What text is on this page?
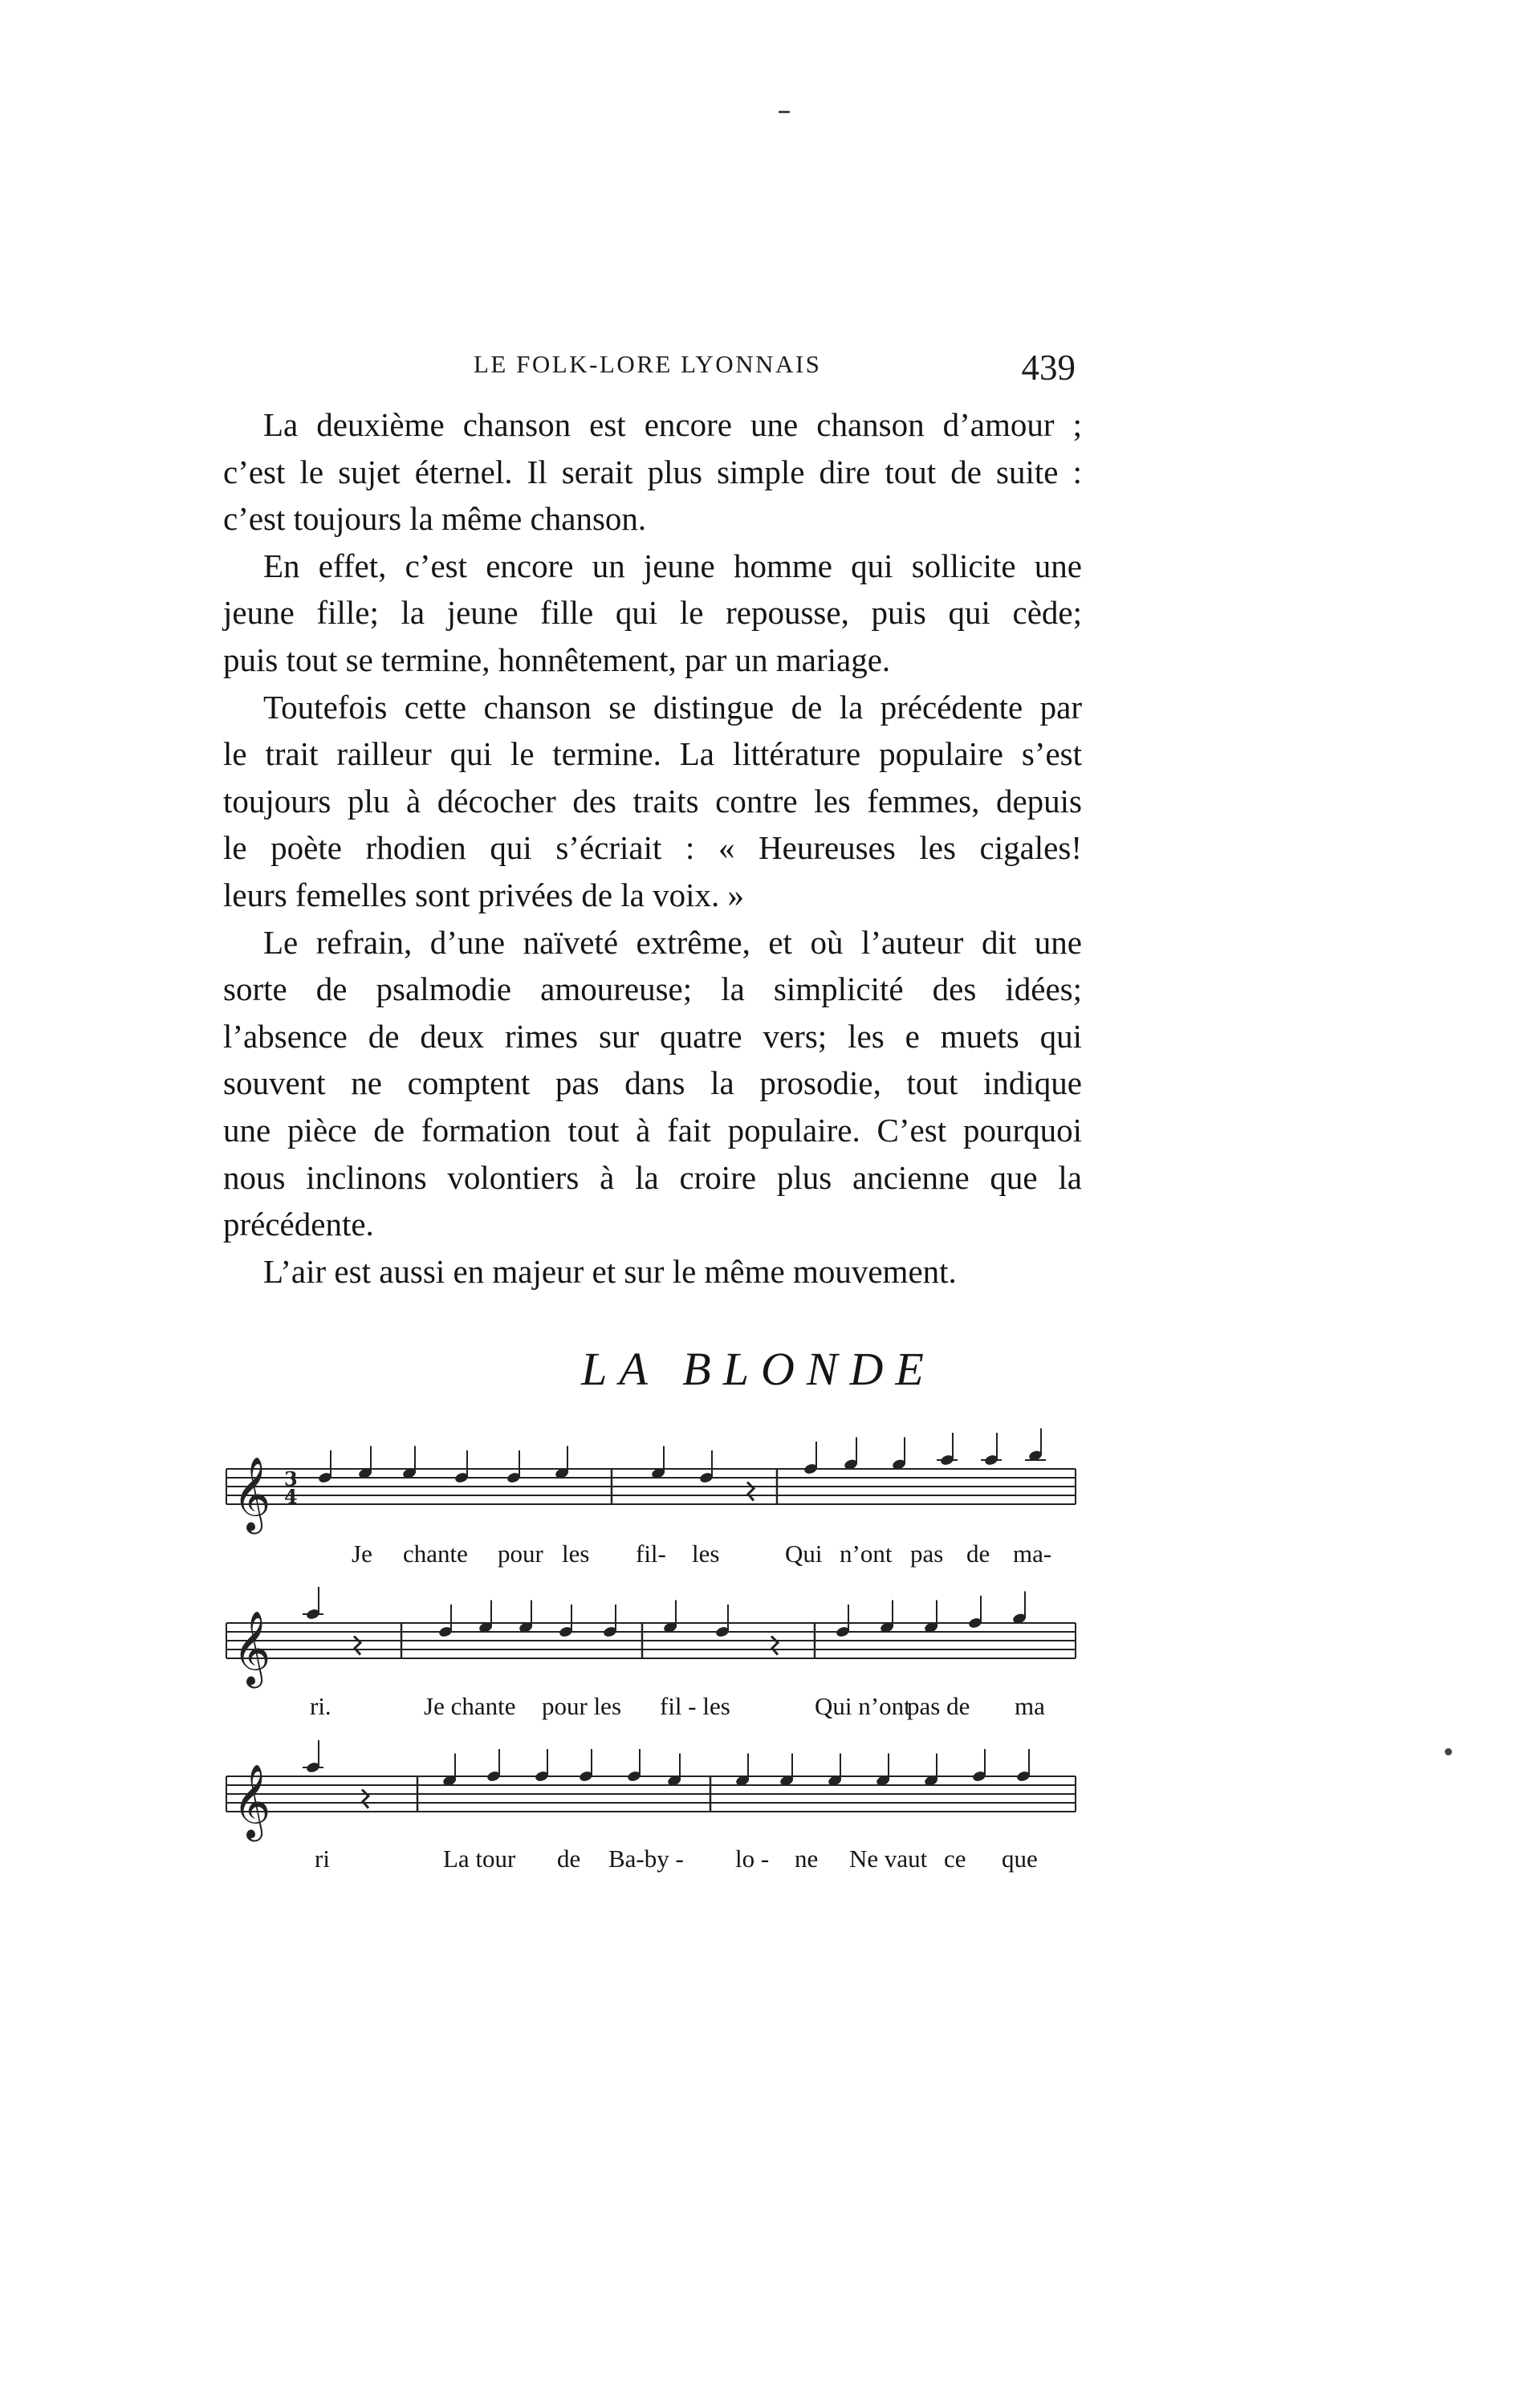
LE FOLK-LORE LYONNAIS	439
La deuxième chanson est encore une chanson d’amour ;
c’est le sujet éternel. Il serait plus simple dire tout de suite :
c’est toujours la même chanson.
En effet, c’est encore un jeune homme qui sollicite une
jeune fille; la jeune fille qui le repousse, puis qui cède;
puis tout se termine, honnêtement, par un mariage.
Toutefois cette chanson se distingue de la précédente par
le trait railleur qui le termine. La littérature populaire s’est
toujours plu à décocher des traits contre les femmes, depuis
le poète rhodien qui s’écriait : « Heureuses les cigales!
leurs femelles sont privées de la voix. »
Le refrain, d’une naïveté extrême, et où l’auteur dit une
sorte de psalmodie amoureuse; la simplicité des idées;
l’absence de deux rimes sur quatre vers; les e muets qui
souvent ne comptent pas dans la prosodie, tout indique
une pièce de formation tout à fait populaire. C’est pourquoi
nous inclinons volontiers à la croire plus ancienne que la
précédente.
L’air est aussi en majeur et sur le même mouvement.
LA BLONDE
𝄞 3
4
𝄞
𝄞
Je chante pour les fil- les	Qui n’ont pas de ma-
ri.	Je chante pour les fil - les	Qui n’ont
pas de ma
ri	La tour de Ba-by - lo - ne Ne vaut ce que
